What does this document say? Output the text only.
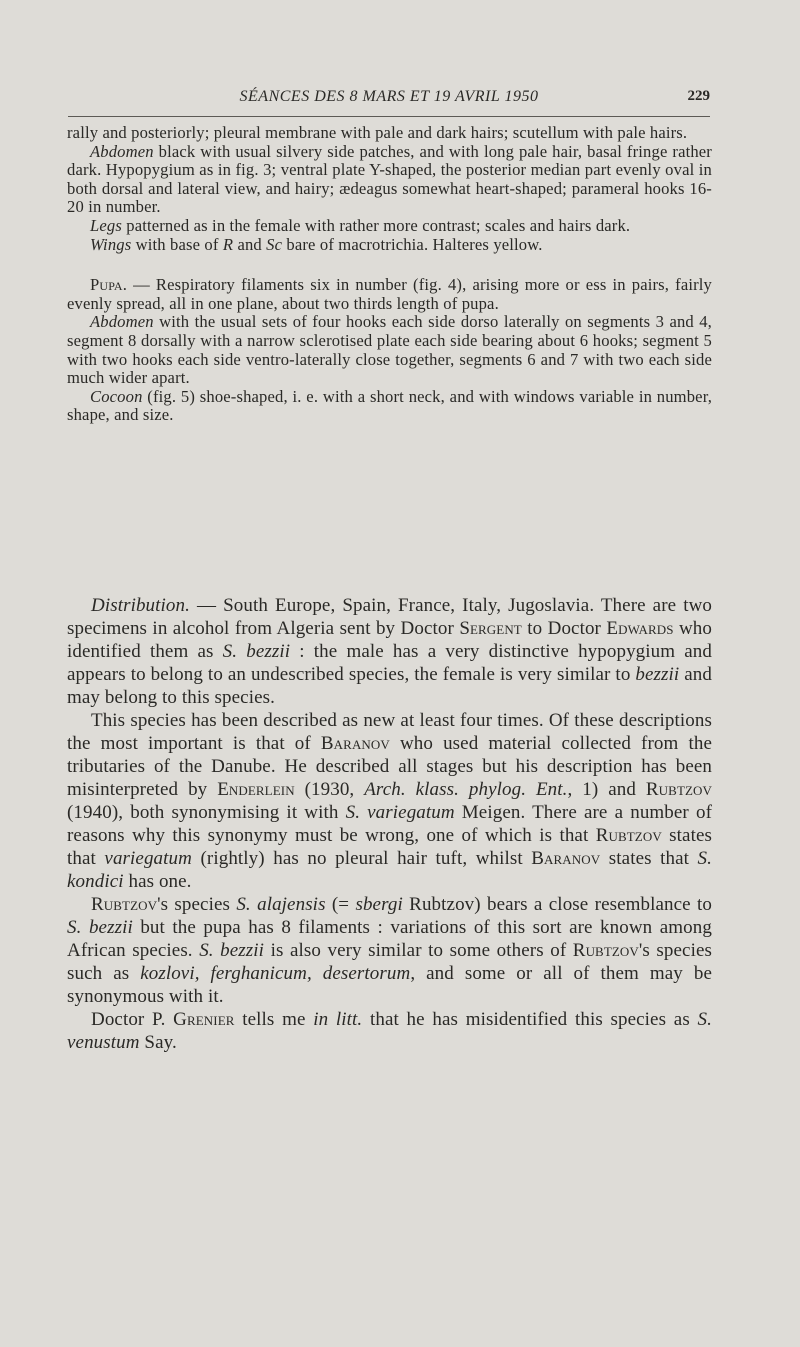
SÉANCES DES 8 MARS ET 19 AVRIL 1950	229

rally and posteriorly; pleural membrane with pale and dark hairs; scutellum with pale hairs.

Abdomen black with usual silvery side patches, and with long pale hair, basal fringe rather dark. Hypopygium as in fig. 3; ventral plate Y-shaped, the posterior median part evenly oval in both dorsal and lateral view, and hairy; ædeagus somewhat heart-shaped; parameral hooks 16-20 in number.

Legs patterned as in the female with rather more contrast; scales and hairs dark.

Wings with base of R and Sc bare of macrotrichia. Halteres yellow.

Pupa. — Respiratory filaments six in number (fig. 4), arising more or ess in pairs, fairly evenly spread, all in one plane, about two thirds length of pupa.

Abdomen with the usual sets of four hooks each side dorso laterally on segments 3 and 4, segment 8 dorsally with a narrow sclerotised plate each side bearing about 6 hooks; segment 5 with two hooks each side ventro-laterally close together, segments 6 and 7 with two each side much wider apart.

Cocoon (fig. 5) shoe-shaped, i. e. with a short neck, and with windows variable in number, shape, and size.

Distribution. — South Europe, Spain, France, Italy, Jugoslavia. There are two specimens in alcohol from Algeria sent by Doctor Sergent to Doctor Edwards who identified them as S. bezzii : the male has a very distinctive hypopygium and appears to belong to an undescribed species, the female is very similar to bezzii and may belong to this species.

This species has been described as new at least four times. Of these descriptions the most important is that of Baranov who used material collected from the tributaries of the Danube. He described all stages but his description has been misinterpreted by Enderlein (1930, Arch. klass. phylog. Ent., 1) and Rubtzov (1940), both synonymising it with S. variegatum Meigen. There are a number of reasons why this synonymy must be wrong, one of which is that Rubtzov states that variegatum (rightly) has no pleural hair tuft, whilst Baranov states that S. kondici has one.

Rubtzov's species S. alajensis (= sbergi Rubtzov) bears a close resemblance to S. bezzii but the pupa has 8 filaments : variations of this sort are known among African species. S. bezzii is also very similar to some others of Rubtzov's species such as kozlovi, ferghanicum, desertorum, and some or all of them may be synonymous with it.

Doctor P. Grenier tells me in litt. that he has misidentified this species as S. venustum Say.
